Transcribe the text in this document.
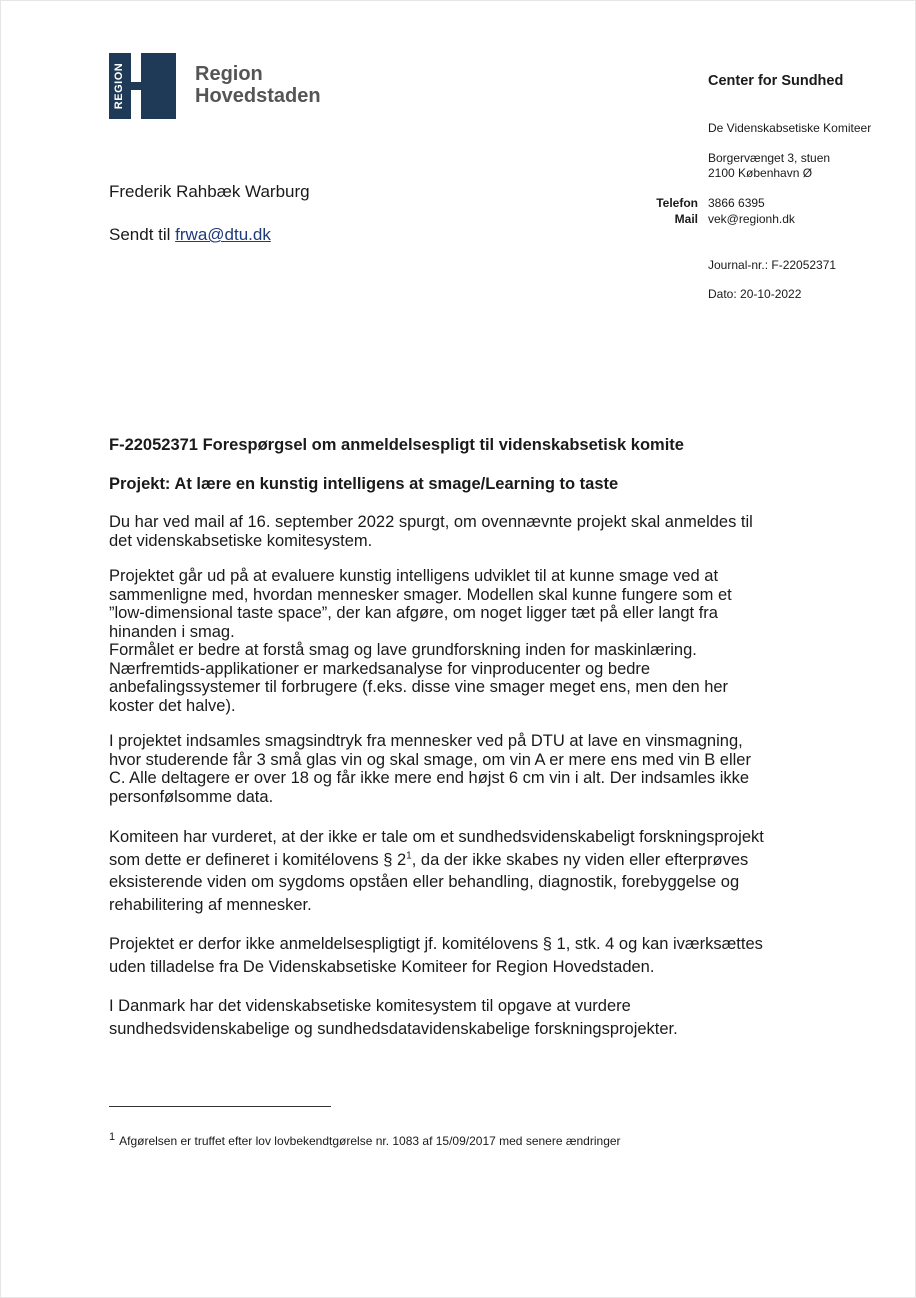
REGION	Region
Hovedstaden
Center for Sundhed
De Videnskabsetiske Komiteer
Borgervænget 3, stuen
2100 København Ø
Telefon 3866 6395
Mail vek@regionh.dk
Journal-nr.: F-22052371
Dato: 20-10-2022
Frederik Rahbæk Warburg
Sendt til frwa@dtu.dk
F-22052371 Forespørgsel om anmeldelsespligt til videnskabsetisk komite
Projekt: At lære en kunstig intelligens at smage/Learning to taste

Du har ved mail af 16. september 2022 spurgt, om ovennævnte projekt skal anmeldes til det videnskabsetiske komitesystem.

Projektet går ud på at evaluere kunstig intelligens udviklet til at kunne smage ved at sammenligne med, hvordan mennesker smager. Modellen skal kunne fungere som et ”low-dimensional taste space”, der kan afgøre, om noget ligger tæt på eller langt fra hinanden i smag.

Formålet er bedre at forstå smag og lave grundforskning inden for maskinlæring. Nærfremtids-applikationer er markedsanalyse for vinproducenter og bedre anbefalingssystemer til forbrugere (f.eks. disse vine smager meget ens, men den her koster det halve).

I projektet indsamles smagsindtryk fra mennesker ved på DTU at lave en vinsmagning, hvor studerende får 3 små glas vin og skal smage, om vin A er mere ens med vin B eller C. Alle deltagere er over 18 og får ikke mere end højst 6 cm vin i alt. Der indsamles ikke personfølsomme data.

Komiteen har vurderet, at der ikke er tale om et sundhedsvidenskabeligt forskningsprojekt som dette er defineret i komitélovens § $2^1$, da der ikke skabes ny viden eller efterprøves eksisterende viden om sygdoms opståen eller behandling, diagnostik, forebyggelse og rehabilitering af mennesker.

Projektet er derfor ikke anmeldelsespligtigt jf. komitélovens § 1, stk. 4 og kan iværksættes uden tilladelse fra De Videnskabsetiske Komiteer for Region Hovedstaden.

I Danmark har det videnskabsetiske komitesystem til opgave at vurdere sundhedsvidenskabelige og sundhedsdatavidenskabelige forskningsprojekter.

$^1$ Afgørelsen er truffet efter lov lovbekendtgørelse nr. 1083 af 15/09/2017 med senere ændringer
